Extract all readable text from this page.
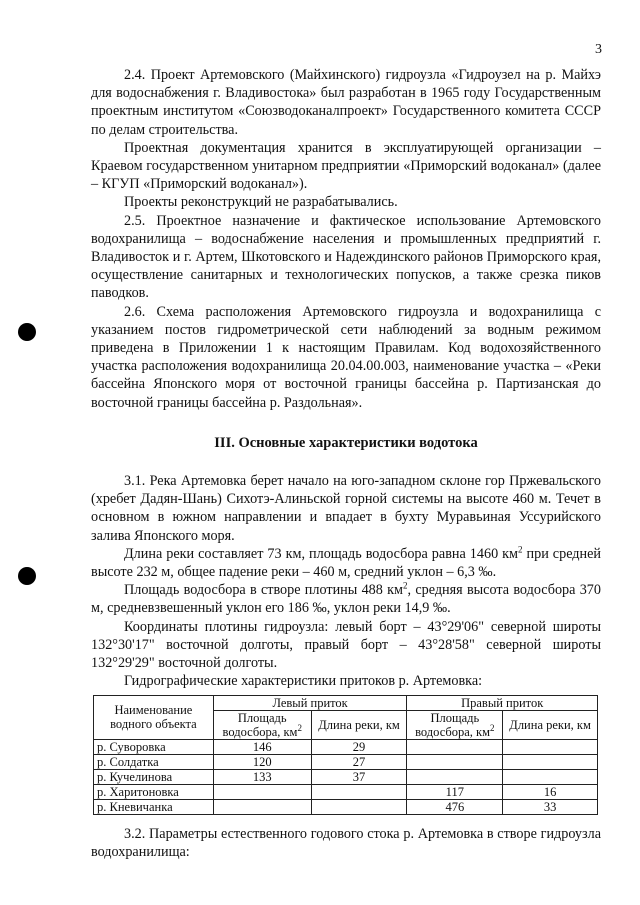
3

2.4. Проект Артемовского (Майхинского) гидроузла «Гидроузел на р. Майхэ для водоснабжения г. Владивостока» был разработан в 1965 году Государственным проектным институтом «Союзводоканалпроект» Государственного комитета СССР по делам строительства.

Проектная документация хранится в эксплуатирующей организации – Краевом государственном унитарном предприятии «Приморский водоканал» (далее – КГУП «Приморский водоканал»).

Проекты реконструкций не разрабатывались.

2.5. Проектное назначение и фактическое использование Артемовского водохранилища – водоснабжение населения и промышленных предприятий г. Владивосток и г. Артем, Шкотовского и Надеждинского районов Приморского края, осуществление санитарных и технологических попусков, а также срезка пиков паводков.

2.6. Схема расположения Артемовского гидроузла и водохранилища с указанием постов гидрометрической сети наблюдений за водным режимом приведена в Приложении 1 к настоящим Правилам. Код водохозяйственного участка расположения водохранилища 20.04.00.003, наименование участка – «Реки бассейна Японского моря от восточной границы бассейна р. Партизанская до восточной границы бассейна р. Раздольная».

III. Основные характеристики водотока

3.1. Река Артемовка берет начало на юго-западном склоне гор Пржевальского (хребет Дадян-Шань) Сихотэ-Алиньской горной системы на высоте 460 м. Течет в основном в южном направлении и впадает в бухту Муравьиная Уссурийского залива Японского моря.

Длина реки составляет 73 км, площадь водосбора равна 1460 $км^2$ при средней высоте 232 м, общее падение реки – 460 м, средний уклон – 6,3 ‰.

Площадь водосбора в створе плотины 488 $км^2$, средняя высота водосбора 370 м, средневзвешенный уклон его 186 ‰, уклон реки 14,9 ‰.

Координаты плотины гидроузла: левый борт – 43°29'06" северной широты 132°30'17" восточной долготы, правый борт – 43°28'58" северной широты 132°29'29" восточной долготы.

Гидрографические характеристики притоков р. Артемовка:

Наименование водного объекта	Левый приток		Правый приток	
	Площадь водосбора, $км^2$	Длина реки, км	Площадь водосбора, $км^2$	Длина реки, км
р. Суворовка	146	29		
р. Солдатка	120	27		
р. Кучелинова	133	37		
р. Харитоновка			117	16
р. Кневичанка			476	33

3.2. Параметры естественного годового стока р. Артемовка в створе гидроузла водохранилища:
